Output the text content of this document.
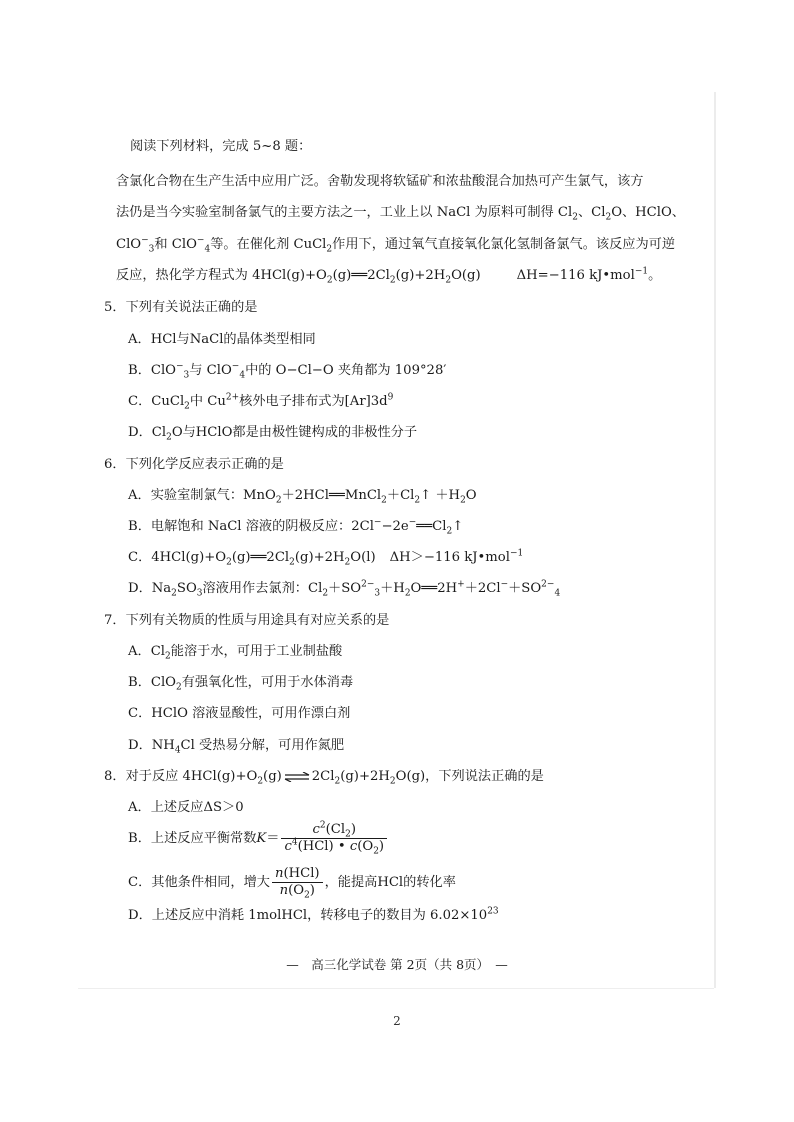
阅读下列材料，完成 5~8 题：
含氯化合物在生产生活中应用广泛。舍勒发现将软锰矿和浓盐酸混合加热可产生氯气，该方
法仍是当今实验室制备氯气的主要方法之一，工业上以 NaCl 为原料可制得 $Cl_2$、$Cl_2O$、HClO、
ClO−$_3$和 ClO−$_4$等。在催化剂 CuCl$_2$作用下，通过氧气直接氧化氯化氢制备氯气。该反应为可逆
反应，热化学方程式为 $4HCl(g)+O_2(g)══2Cl_2(g)+2H_2O(g)$	ΔH=−116 kJ•mol$^{-1}$。
5．下列有关说法正确的是
A．HCl与NaCl的晶体类型相同
B．ClO−$_3$与 ClO−$_4$中的 O−Cl−O 夹角都为 109°28′
C．CuCl$_2$中 $Cu^{2+}$核外电子排布式为$[Ar]3d^9$
D．$Cl_2O$与HClO都是由极性键构成的非极性分子
6．下列化学反应表示正确的是
A．实验室制氯气：$MnO_2+2HCl══MnCl_2+Cl_2↑ +H_2O$
B．电解饱和 NaCl 溶液的阴极反应：$2Cl^--2e^-══Cl_2↑$
C．$4HCl(g)+O_2(g)══2Cl_2(g)+2H_2O(l)$ ΔH＞−116 kJ•mol$^{-1}$
D．$Na_2SO_3$溶液用作去氯剂：$Cl_2+SO^{2-}_3+H_2O══2H^++2Cl^-+SO^{2-}_4$
7．下列有关物质的性质与用途具有对应关系的是
A．$Cl_2$能溶于水，可用于工业制盐酸
B．ClO$_2$有强氧化性，可用于水体消毒
C．HClO 溶液显酸性，可用作漂白剂
D．$NH_4Cl$ 受热易分解，可用作氮肥
8．对于反应 $4HCl(g)+O_2(g)$ ⇌ $2Cl_2(g)+2H_2O(g)$，下列说法正确的是
A．上述反应ΔS＞0
B．上述反应平衡常数$K= \frac{c^2(Cl_2)}{c^4(HCl) • c(O_2)}$
C．其他条件相同，增大 $\frac{\text{n(HCl)}}{n(O_2)}$ ，能提高HCl的转化率
D．上述反应中消耗 1molHCl，转移电子的数目为 $6.02\times 10^{23}$
—　高三化学试卷 第 2页（共 8页）　—
2
